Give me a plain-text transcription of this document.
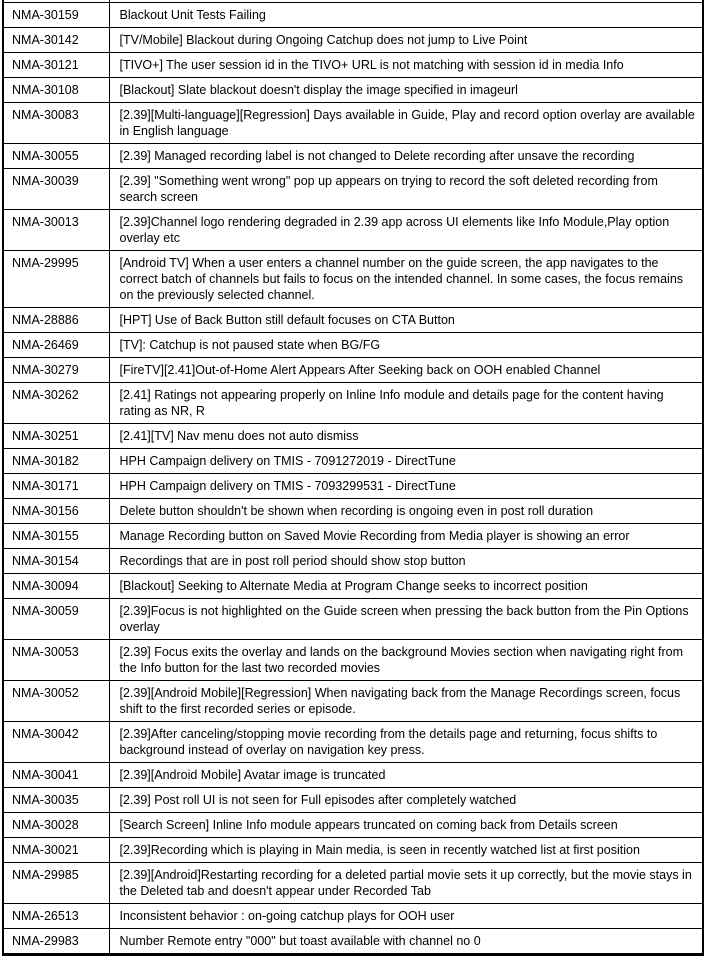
NMA-30159	Blackout Unit Tests Failing
NMA-30142	[TV/Mobile] Blackout during Ongoing Catchup does not jump to Live Point
NMA-30121	[TIVO+] The user session id in the TIVO+ URL is not matching with session id in media Info
NMA-30108	[Blackout] Slate blackout doesn't display the image specified in imageurl
NMA-30083	[2.39][Multi-language][Regression] Days available in Guide, Play and record option overlay are available in English language
NMA-30055	[2.39] Managed recording label is not changed to Delete recording after unsave the recording
NMA-30039	[2.39] "Something went wrong" pop up appears on trying to record the soft deleted recording from search screen
NMA-30013	[2.39]Channel logo rendering degraded in 2.39 app across UI elements like Info Module,Play option overlay etc
NMA-29995	[Android TV] When a user enters a channel number on the guide screen, the app navigates to the correct batch of channels but fails to focus on the intended channel. In some cases, the focus remains on the previously selected channel.
NMA-28886	[HPT] Use of Back Button still default focuses on CTA Button
NMA-26469	[TV]: Catchup is not paused state when BG/FG
NMA-30279	[FireTV][2.41]Out-of-Home Alert Appears After Seeking back on OOH enabled Channel
NMA-30262	[2.41] Ratings not appearing properly on Inline Info module and details page for the content having rating as NR, R
NMA-30251	[2.41][TV] Nav menu does not auto dismiss
NMA-30182	HPH Campaign delivery on TMIS - 7091272019 - DirectTune
NMA-30171	HPH Campaign delivery on TMIS - 7093299531 - DirectTune
NMA-30156	Delete button shouldn't be shown when recording is ongoing even in post roll duration
NMA-30155	Manage Recording button on Saved Movie Recording from Media player is showing an error
NMA-30154	Recordings that are in post roll period should show stop button
NMA-30094	[Blackout] Seeking to Alternate Media at Program Change seeks to incorrect position
NMA-30059	[2.39]Focus is not highlighted on the Guide screen when pressing the back button from the Pin Options overlay
NMA-30053	[2.39] Focus exits the overlay and lands on the background Movies section when navigating right from the Info button for the last two recorded movies
NMA-30052	[2.39][Android Mobile][Regression] When navigating back from the Manage Recordings screen, focus shift to the first recorded series or episode.
NMA-30042	[2.39]After canceling/stopping movie recording from the details page and returning, focus shifts to background instead of overlay on navigation key press.
NMA-30041	[2.39][Android Mobile] Avatar image is truncated
NMA-30035	[2.39] Post roll UI is not seen for Full episodes after completely watched
NMA-30028	[Search Screen] Inline Info module appears truncated on coming back from Details screen
NMA-30021	[2.39]Recording which is playing in Main media, is seen in recently watched list at first position
NMA-29985	[2.39][Android]Restarting recording for a deleted partial movie sets it up correctly, but the movie stays in the Deleted tab and doesn't appear under Recorded Tab
NMA-26513	Inconsistent behavior : on-going catchup plays for OOH user
NMA-29983	Number Remote entry "000" but toast available with channel no 0
